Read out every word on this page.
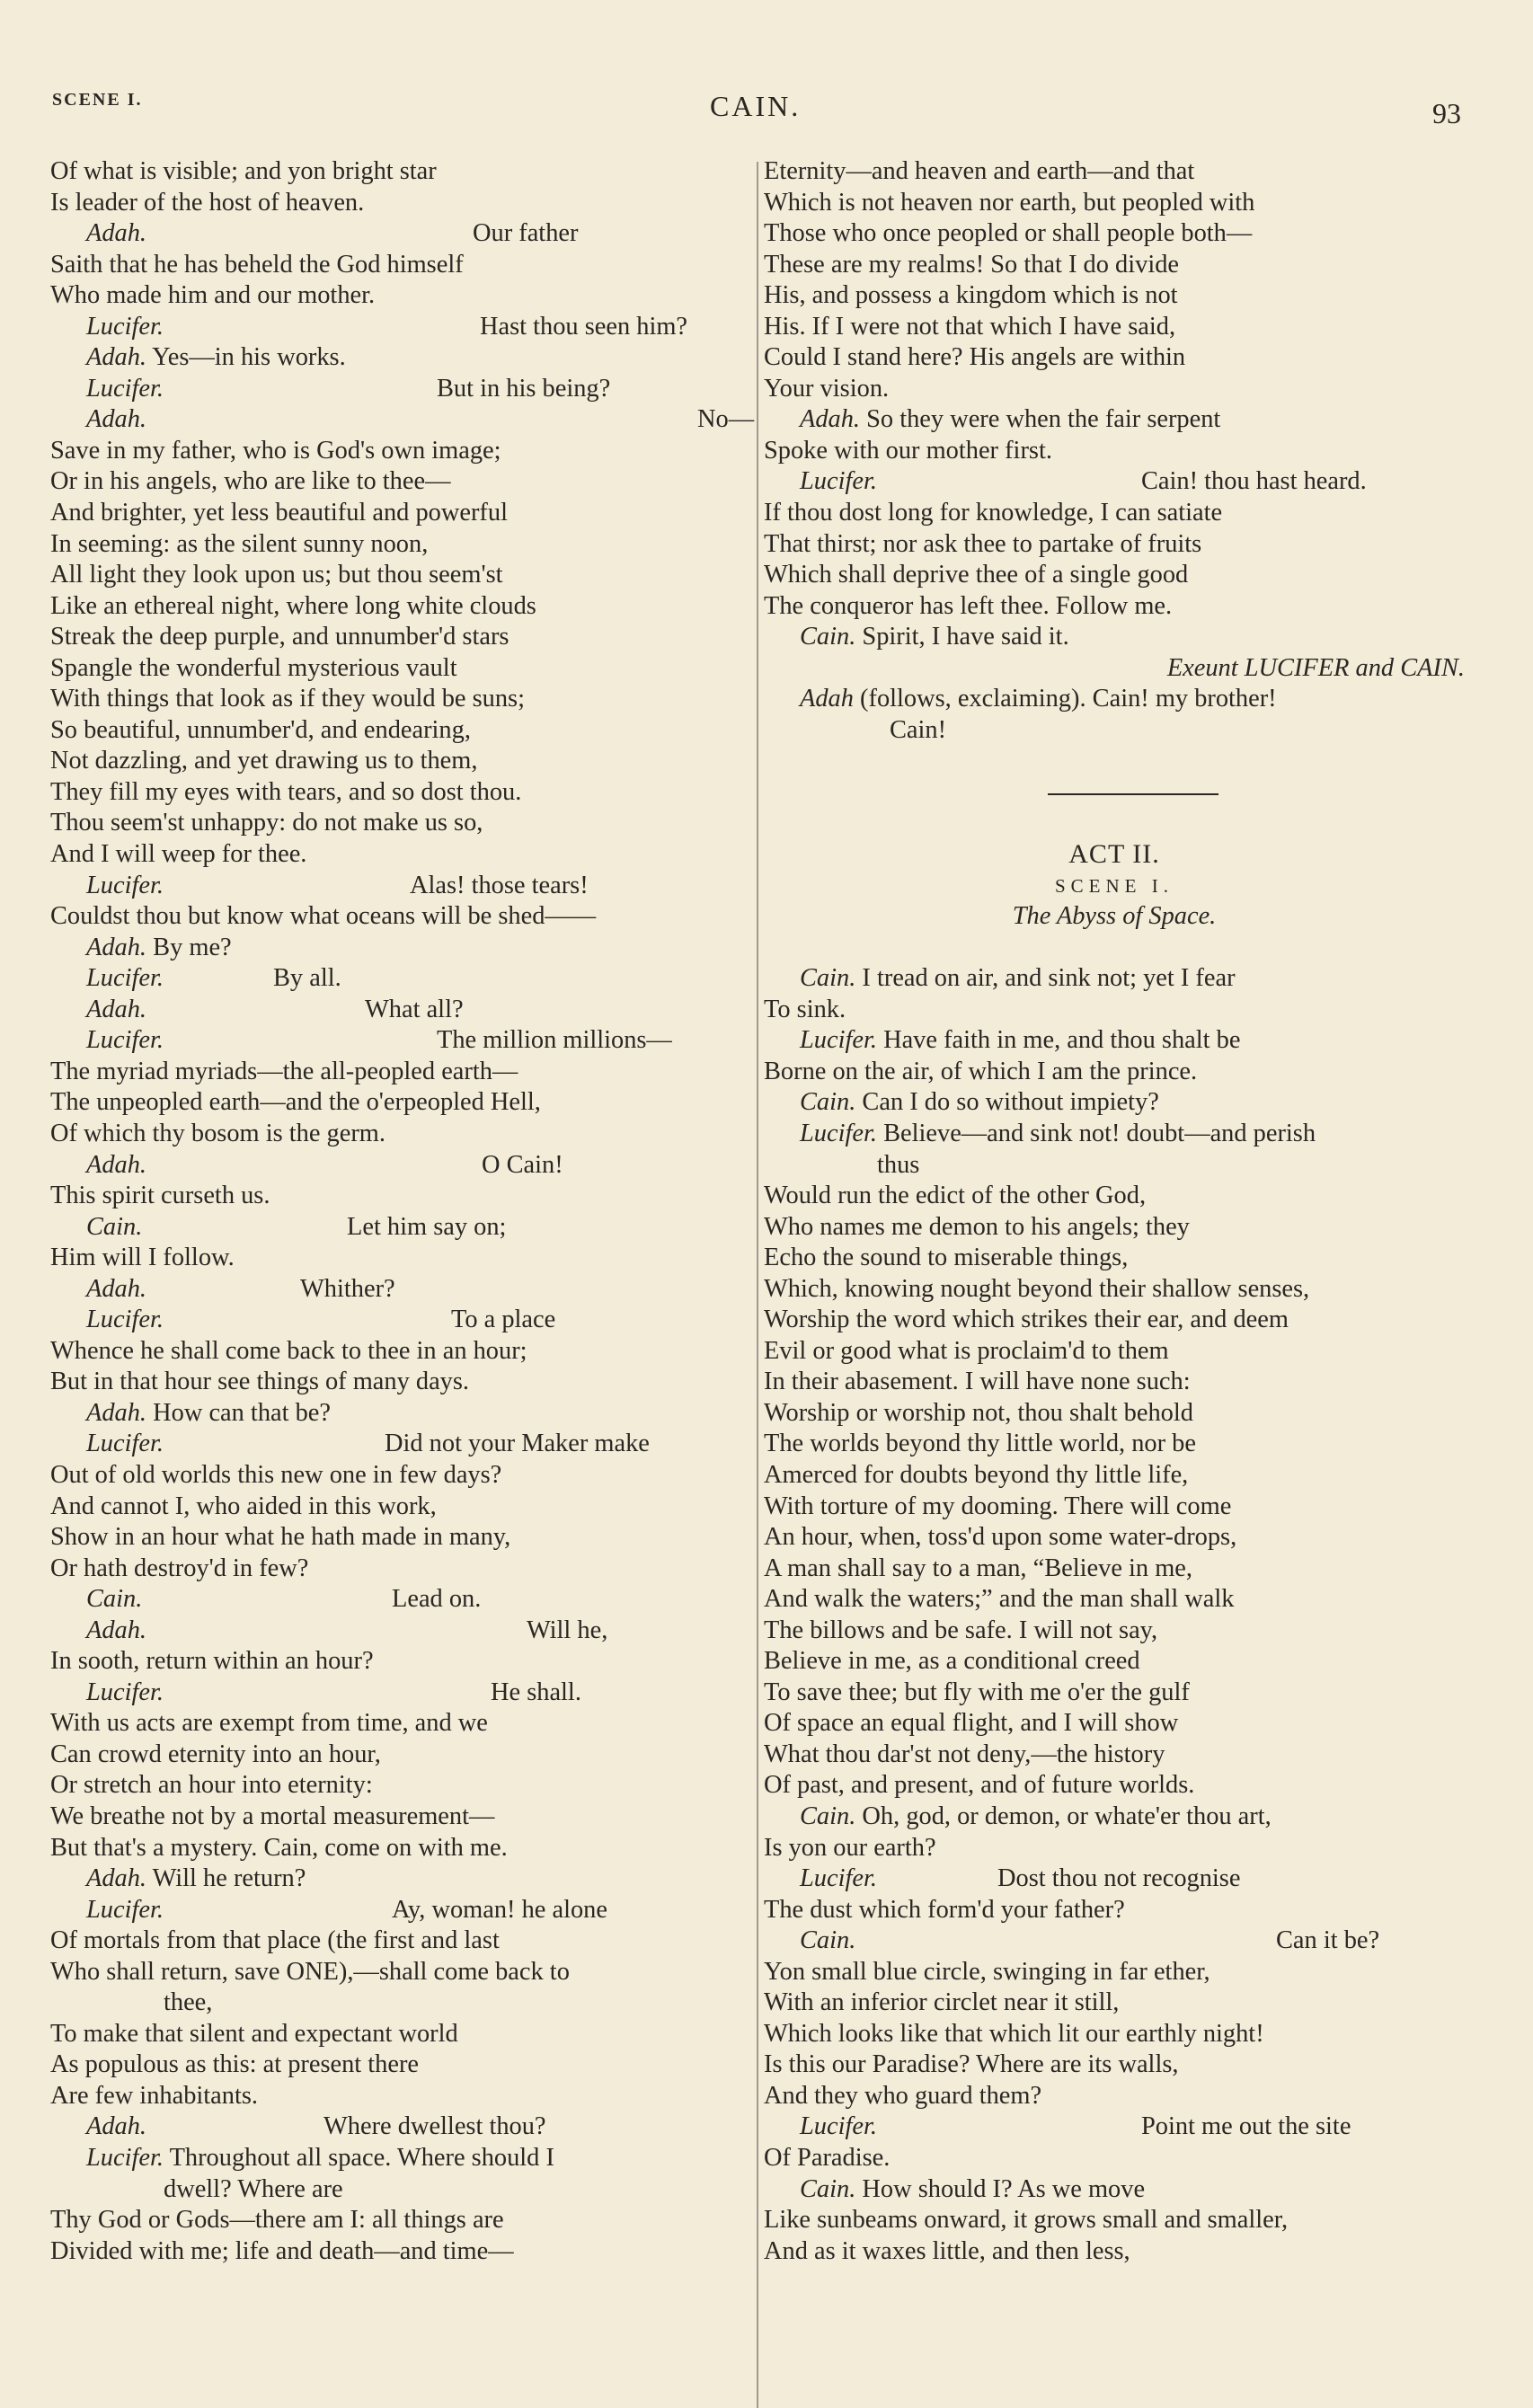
SCENE I.	CAIN.	93
Of what is visible; and yon bright star
Is leader of the host of heaven.
Adah.	Our father
Saith that he has beheld the God himself
Who made him and our mother.
Lucifer.	Hast thou seen him?
Adah. Yes—in his works.
Lucifer.	But in his being?
Adah.	No—
Save in my father, who is God's own image;
Or in his angels, who are like to thee—
And brighter, yet less beautiful and powerful
In seeming: as the silent sunny noon,
All light they look upon us; but thou seem'st
Like an ethereal night, where long white clouds
Streak the deep purple, and unnumber'd stars
Spangle the wonderful mysterious vault
With things that look as if they would be suns;
So beautiful, unnumber'd, and endearing,
Not dazzling, and yet drawing us to them,
They fill my eyes with tears, and so dost thou.
Thou seem'st unhappy: do not make us so,
And I will weep for thee.
Lucifer.	Alas! those tears!
Couldst thou but know what oceans will be shed——
Adah. By me?
Lucifer.	By all.
Adah.	What all?
Lucifer.	The million millions—
The myriad myriads—the all-peopled earth—
The unpeopled earth—and the o'erpeopled Hell,
Of which thy bosom is the germ.
Adah.	O Cain!
This spirit curseth us.
Cain.	Let him say on;
Him will I follow.
Adah.	Whither?
Lucifer.	To a place
Whence he shall come back to thee in an hour;
But in that hour see things of many days.
Adah. How can that be?
Lucifer.	Did not your Maker make
Out of old worlds this new one in few days?
And cannot I, who aided in this work,
Show in an hour what he hath made in many,
Or hath destroy'd in few?
Cain.	Lead on.
Adah.	Will he,
In sooth, return within an hour?
Lucifer.	He shall.
With us acts are exempt from time, and we
Can crowd eternity into an hour,
Or stretch an hour into eternity:
We breathe not by a mortal measurement—
But that's a mystery. Cain, come on with me.
Adah. Will he return?
Lucifer.	Ay, woman! he alone
Of mortals from that place (the first and last
Who shall return, save ONE),—shall come back to
thee,
To make that silent and expectant world
As populous as this: at present there
Are few inhabitants.
Adah.	Where dwellest thou?
Lucifer. Throughout all space. Where should I
dwell? Where are
Thy God or Gods—there am I: all things are
Divided with me; life and death—and time—
Eternity—and heaven and earth—and that
Which is not heaven nor earth, but peopled with
Those who once peopled or shall people both—
These are my realms! So that I do divide
His, and possess a kingdom which is not
His. If I were not that which I have said,
Could I stand here? His angels are within
Your vision.
Adah. So they were when the fair serpent
Spoke with our mother first.
Lucifer.	Cain! thou hast heard.
If thou dost long for knowledge, I can satiate
That thirst; nor ask thee to partake of fruits
Which shall deprive thee of a single good
The conqueror has left thee. Follow me.
Cain. Spirit, I have said it.
Exeunt LUCIFER and CAIN.
Adah (follows, exclaiming). Cain! my brother!
Cain!
ACT II.
SCENE I.
The Abyss of Space.
Cain. I tread on air, and sink not; yet I fear
To sink.
Lucifer. Have faith in me, and thou shalt be
Borne on the air, of which I am the prince.
Cain. Can I do so without impiety?
Lucifer. Believe—and sink not! doubt—and perish
thus
Would run the edict of the other God,
Who names me demon to his angels; they
Echo the sound to miserable things,
Which, knowing nought beyond their shallow senses,
Worship the word which strikes their ear, and deem
Evil or good what is proclaim'd to them
In their abasement. I will have none such:
Worship or worship not, thou shalt behold
The worlds beyond thy little world, nor be
Amerced for doubts beyond thy little life,
With torture of my dooming. There will come
An hour, when, toss'd upon some water-drops,
A man shall say to a man, “Believe in me,
And walk the waters;” and the man shall walk
The billows and be safe. I will not say,
Believe in me, as a conditional creed
To save thee; but fly with me o'er the gulf
Of space an equal flight, and I will show
What thou dar'st not deny,—the history
Of past, and present, and of future worlds.
Cain. Oh, god, or demon, or whate'er thou art,
Is yon our earth?
Lucifer.	Dost thou not recognise
The dust which form'd your father?
Cain.	Can it be?
Yon small blue circle, swinging in far ether,
With an inferior circlet near it still,
Which looks like that which lit our earthly night!
Is this our Paradise? Where are its walls,
And they who guard them?
Lucifer.	Point me out the site
Of Paradise.
Cain. How should I? As we move
Like sunbeams onward, it grows small and smaller,
And as it waxes little, and then less,
